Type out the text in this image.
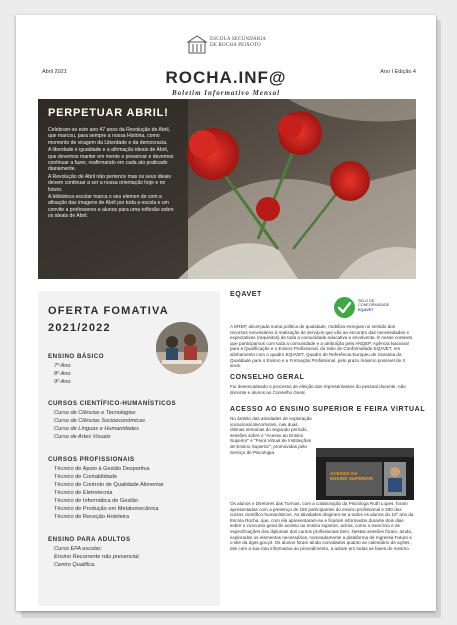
ESCOLA SECUNDÁRIA
DE ROCHA PEIXOTO
Abril 2021	Ano I Edição 4
ROCHA.INF@
Boletim Informativo Mensal
PERPETUAR ABRIL!

Celebram-se este ano 47 anos da Revolução de Abril, que marcou, para sempre a nossa História, como momento de viragem da Liberdade e da democracia.

A liberdade e igualdade e a afirmação ideais de Abril, que devemos manter em mente e preservar e devemos continuar a fazer, reafirmando em cada ato praticado diariamente.

A Revolução de Abril não pertence mas os seus ideais devem continuar a ser a nossa orientação hoje e no futuro.

A biblioteca escolar marca o seu elemen de com a afixação das imagens de Abril por toda a escola e um convite a professores e alunos para uma reflexão sobre os ideais de Abril.

OFERTA FOMATIVA
2021/2022
ENSINO BÁSICO
7º Ano
8º Ano
9º Ano
CURSOS CIENTÍFICO-HUMANÍSTICOS
Curso de Ciências e Tecnologias
Curso de Ciências Socioeconómicas
Curso de Línguas e Humanidades
Curso de Artes Visuais
CURSOS PROFISSIONAIS
Técnico de Apoio à Gestão Desportiva
Técnico de Contabilidade
Técnico de Controlo de Qualidade Alimentar
Técnico de Eletrotecnia
Técnico de Informática de Gestão
Técnico de Produção em Metalomecânica
Técnico de Receção Hoteleira
ENSINO PARA ADULTOS
Curso EFA escolar;
Ensino Recorrente não presencial;
Centro Qualifica.
EQAVET
SELO DE
CONFORMIDADE
EQAVET

A EREP, alicerçada numa política de qualidade, mobiliza energias no sentido dos recursos necessários à realização de serviços que vão ao encontro das necessidades e expectativas (requisitos) de toda a comunidade educativa e envolvente. É nesse contexto que participamos com toda a comunidade e a atribuição pela ANQEP, Agência Nacional para a Qualificação e o Ensino Profissional, do Selo de Conformidade EQAVET, em alinhamento com o quadro EQAVET, Quadro de Referência Europeu de Garantia da Qualidade para o Ensino e a Formação Profissional, pelo prazo máximo possível de 3 anos.

CONSELHO GERAL

Foi desencadeado o processo de eleição dos representantes do pessoal docente, não docente e alunos ao Conselho Geral.

ACESSO AO ENSINO SUPERIOR E FEIRA VIRTUAL

No âmbito das atividades de exploração vocacional decorreram, nas duas últimas semanas do segundo período, sessões sobre o "Acesso ao Ensino Superior" e "Feira Virtual de Instituições de Ensino Superior", promovidas pelo Serviço de Psicologia.

ACESSO AO ENSINO SUPERIOR

Os alunos e Diretores das Turmas, com a colaboração da Psicóloga Ruth Lopes, foram apresentadas com a presença de 180 participantes do ensino profissional e 260 dos cursos científico-humanísticos. As atividades dirigiram-se a todos os alunos do 12º ano da Escola Rocha, que, com ela apresentaram-se e ficaram informados durante dois dias sobre o concurso geral de acesso ao ensino superior, acima, como o exercício e as especificações dos diplomas dos cursos profissionais bem. Nestas sessões foram, ainda, explorados os elementos necessários, nomeadamente a plataforma de Ingressa Futuro e o site da dges.gov.pt. Os alunos foram ainda convidados quanto ao calendário de ações, tais com a sua rota informativa ao procedimento, a adotar em todas as fases do mesmo.
